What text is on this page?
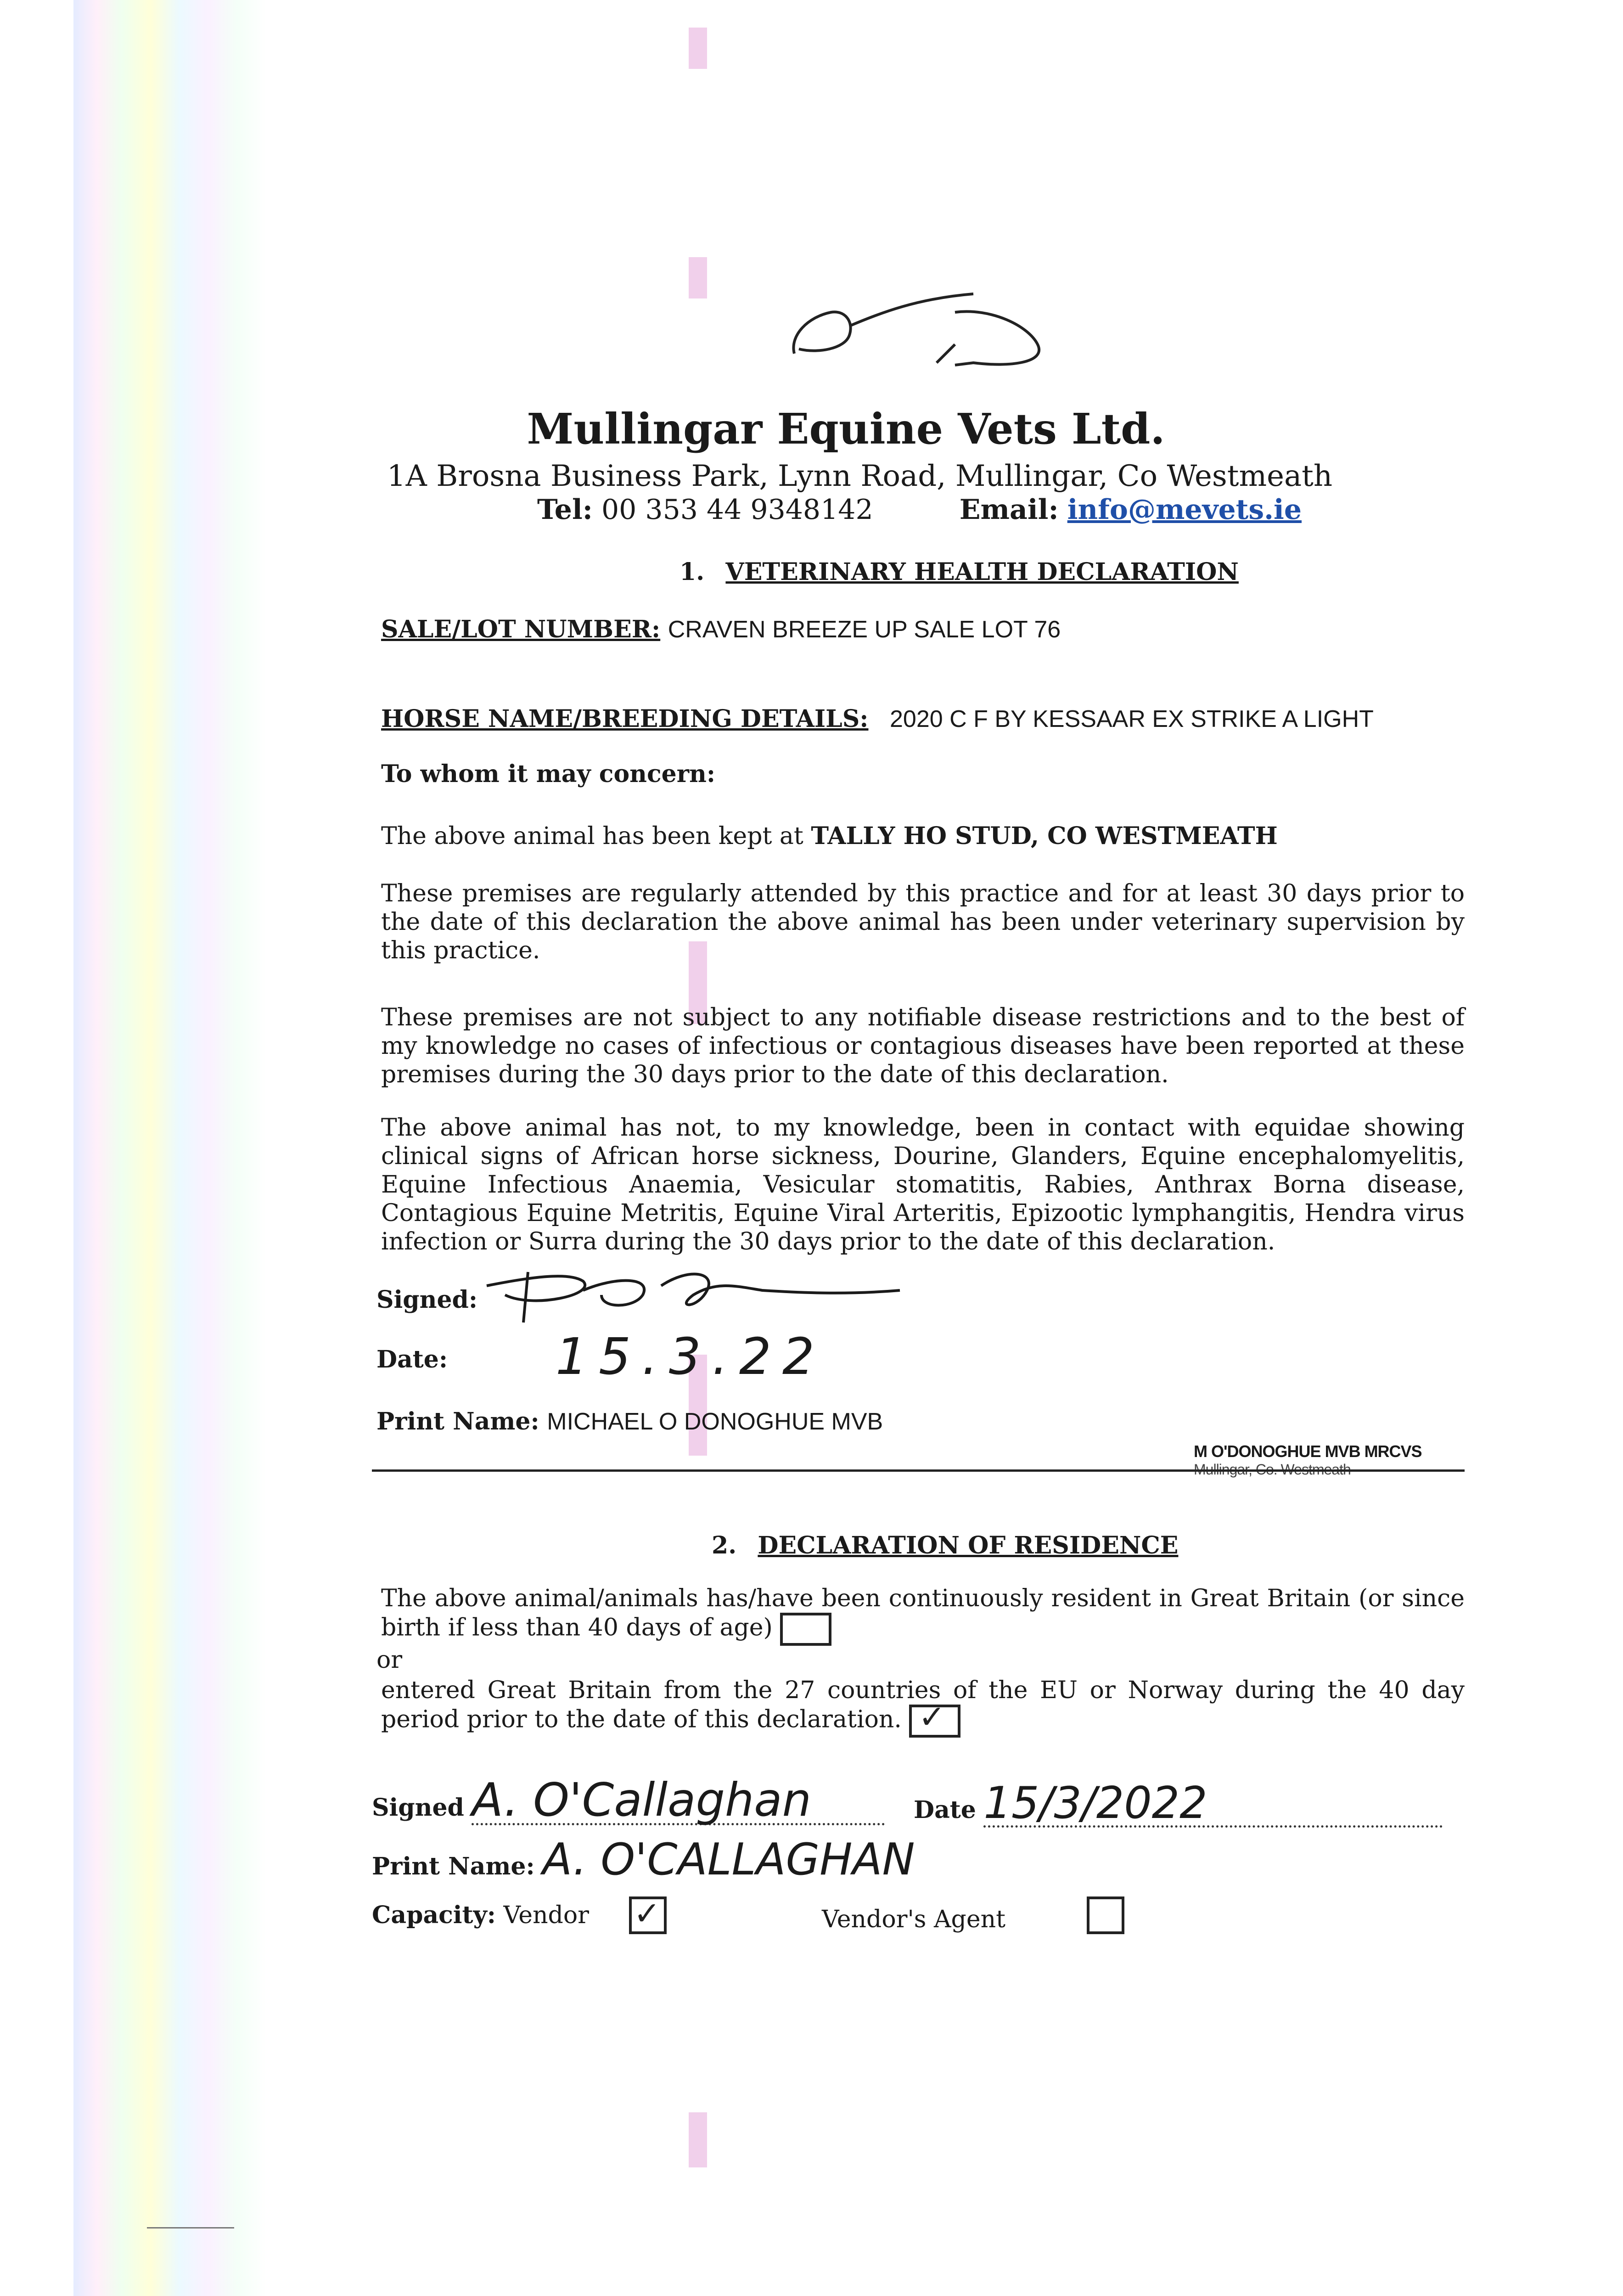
Mullingar Equine Vets Ltd.
1A Brosna Business Park, Lynn Road, Mullingar, Co Westmeath
Tel: 00 353 44 9348142	Email: info@mevets.ie
1. VETERINARY HEALTH DECLARATION
SALE/LOT NUMBER: CRAVEN BREEZE UP SALE LOT 76
HORSE NAME/BREEDING DETAILS: 2020 C F BY KESSAAR EX STRIKE A LIGHT
To whom it may concern:
The above animal has been kept at TALLY HO STUD, CO WESTMEATH
These premises are regularly attended by this practice and for at least 30 days prior to the date of this declaration the above animal has been under veterinary supervision by this practice.
These premises are not subject to any notifiable disease restrictions and to the best of my knowledge no cases of infectious or contagious diseases have been reported at these premises during the 30 days prior to the date of this declaration.
The above animal has not, to my knowledge, been in contact with equidae showing clinical signs of African horse sickness, Dourine, Glanders, Equine encephalomyelitis, Equine Infectious Anaemia, Vesicular stomatitis, Rabies, Anthrax Borna disease, Contagious Equine Metritis, Equine Viral Arteritis, Epizootic lymphangitis, Hendra virus infection or Surra during the 30 days prior to the date of this declaration.
Signed:
Date: 15.3.22
Print Name: MICHAEL O DONOGHUE MVB
M O'DONOGHUE MVB MRCVS
2. DECLARATION OF RESIDENCE
The above animal/animals has/have been continuously resident in Great Britain (or since birth if less than 40 days of age)
or
entered Great Britain from the 27 countries of the EU or Norway during the 40 day period prior to the date of this declaration. ✓
Signed A. O'Callaghan	Date 15/3/2022
Print Name: A. O'CALLAGHAN
Capacity: Vendor ✓
	Vendor's Agent
